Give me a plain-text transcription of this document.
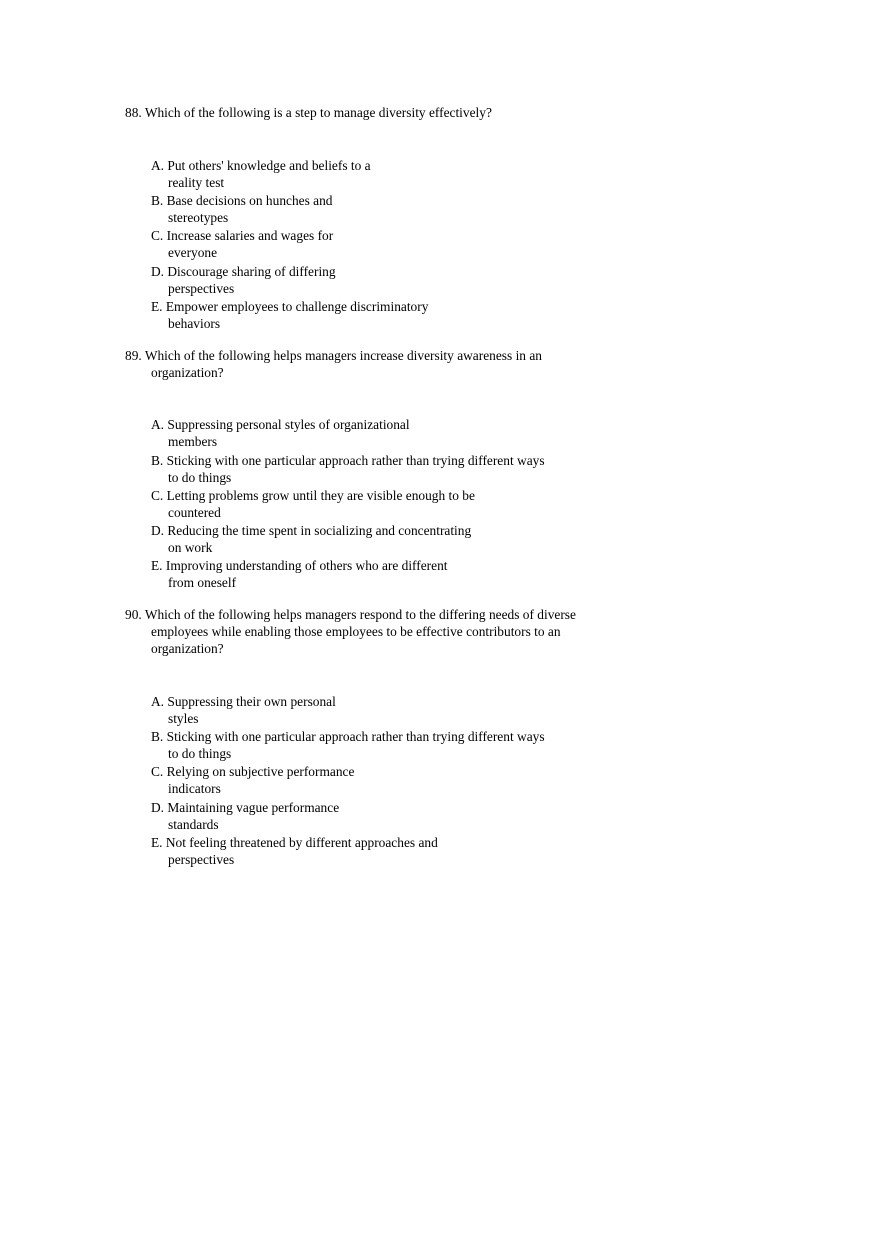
88. Which of the following is a step to manage diversity effectively?
A. Put others' knowledge and beliefs to a
reality test
B. Base decisions on hunches and
stereotypes
C. Increase salaries and wages for
everyone
D. Discourage sharing of differing
perspectives
E. Empower employees to challenge discriminatory
behaviors
89. Which of the following helps managers increase diversity awareness in an
organization?
A. Suppressing personal styles of organizational
members
B. Sticking with one particular approach rather than trying different ways
to do things
C. Letting problems grow until they are visible enough to be
countered
D. Reducing the time spent in socializing and concentrating
on work
E. Improving understanding of others who are different
from oneself
90. Which of the following helps managers respond to the differing needs of diverse
employees while enabling those employees to be effective contributors to an
organization?
A. Suppressing their own personal
styles
B. Sticking with one particular approach rather than trying different ways
to do things
C. Relying on subjective performance
indicators
D. Maintaining vague performance
standards
E. Not feeling threatened by different approaches and
perspectives
